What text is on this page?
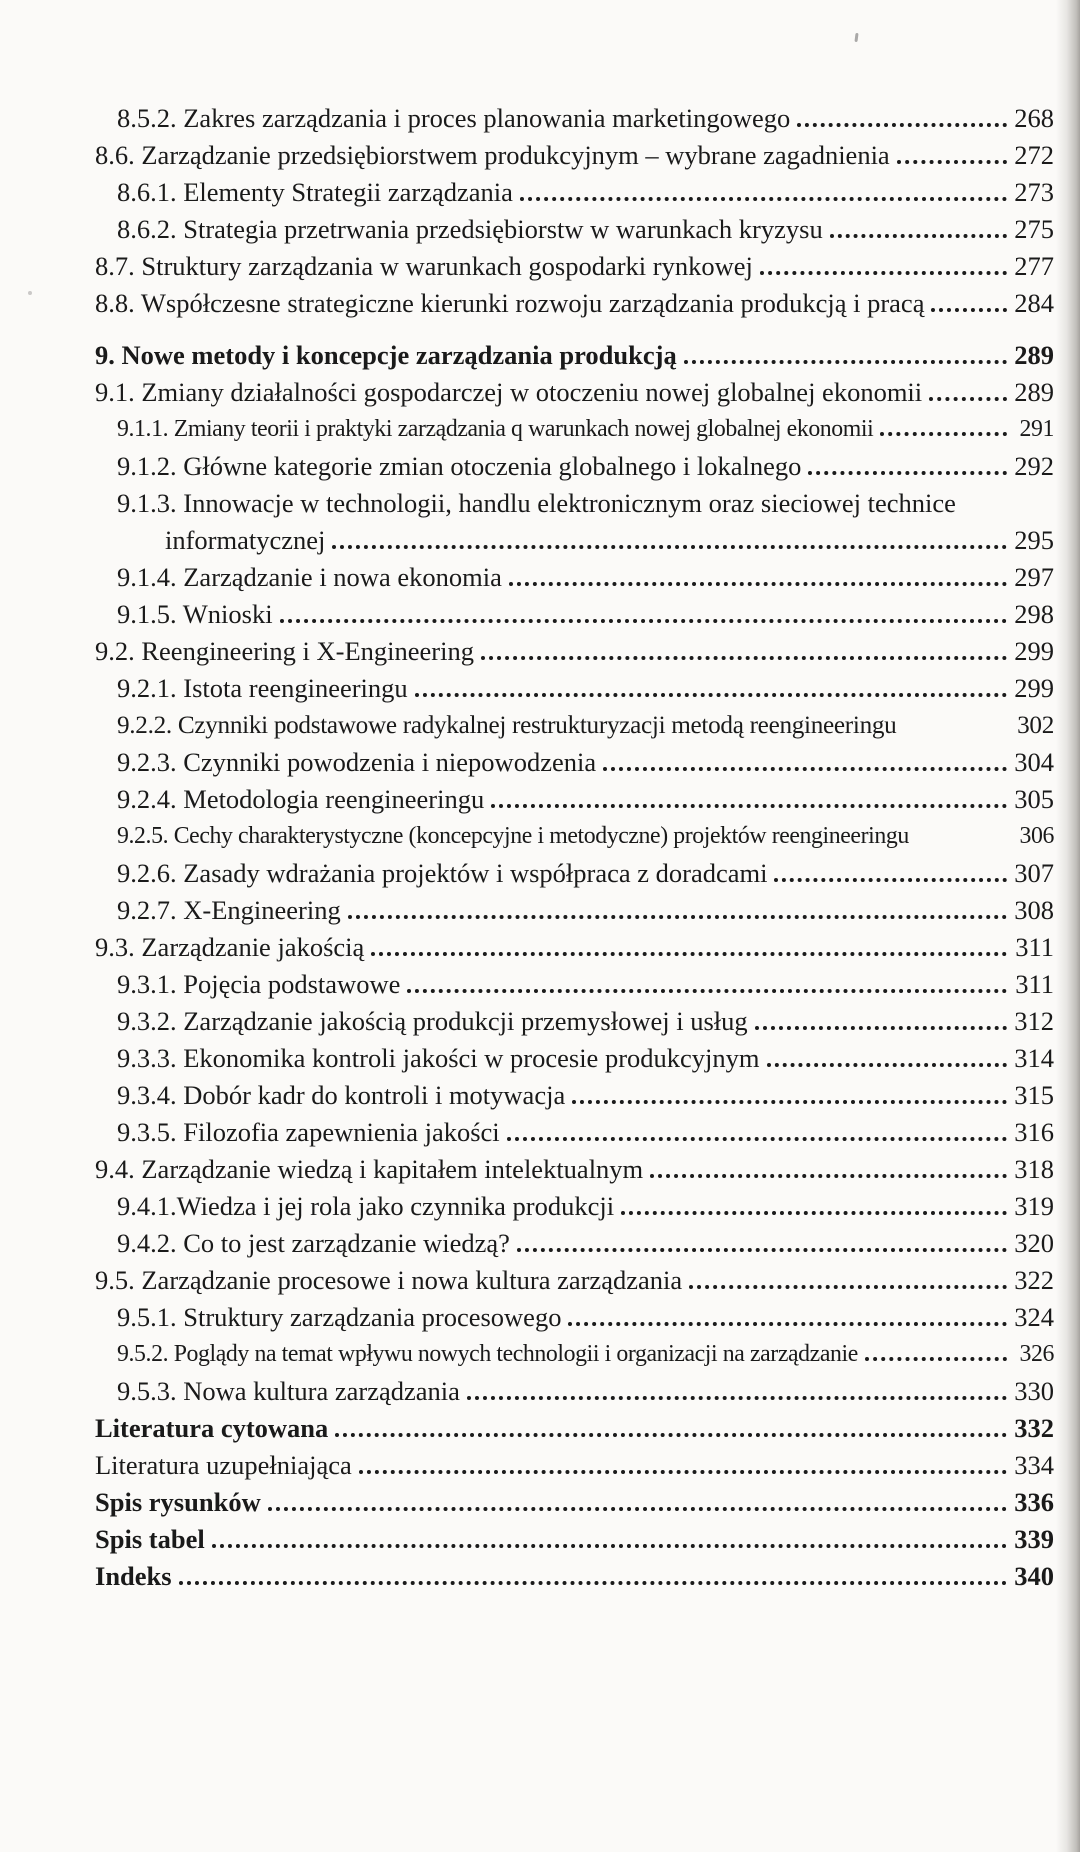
8.5.2. Zakres zarządzania i proces planowania marketingowego	268
8.6. Zarządzanie przedsiębiorstwem produkcyjnym – wybrane zagadnienia	272
8.6.1. Elementy Strategii zarządzania	273
8.6.2. Strategia przetrwania przedsiębiorstw w warunkach kryzysu	275
8.7. Struktury zarządzania w warunkach gospodarki rynkowej	277
8.8. Współczesne strategiczne kierunki rozwoju zarządzania produkcją i pracą	284
9. Nowe metody i koncepcje zarządzania produkcją	289
9.1. Zmiany działalności gospodarczej w otoczeniu nowej globalnej ekonomii	289
9.1.1. Zmiany teorii i praktyki zarządzania q warunkach nowej globalnej ekonomii	291
9.1.2. Główne kategorie zmian otoczenia globalnego i lokalnego	292
9.1.3. Innowacje w technologii, handlu elektronicznym oraz sieciowej technice
informatycznej	295
9.1.4. Zarządzanie i nowa ekonomia	297
9.1.5. Wnioski	298
9.2. Reengineering i X-Engineering	299
9.2.1. Istota reengineeringu	299
9.2.2. Czynniki podstawowe radykalnej restrukturyzacji metodą reengineeringu	302
9.2.3. Czynniki powodzenia i niepowodzenia	304
9.2.4. Metodologia reengineeringu	305
9.2.5. Cechy charakterystyczne (koncepcyjne i metodyczne) projektów reengineeringu	306
9.2.6. Zasady wdrażania projektów i współpraca z doradcami	307
9.2.7. X-Engineering	308
9.3. Zarządzanie jakością	311
9.3.1. Pojęcia podstawowe	311
9.3.2. Zarządzanie jakością produkcji przemysłowej i usług	312
9.3.3. Ekonomika kontroli jakości w procesie produkcyjnym	314
9.3.4. Dobór kadr do kontroli i motywacja	315
9.3.5. Filozofia zapewnienia jakości	316
9.4. Zarządzanie wiedzą i kapitałem intelektualnym	318
9.4.1.Wiedza i jej rola jako czynnika produkcji	319
9.4.2. Co to jest zarządzanie wiedzą?	320
9.5. Zarządzanie procesowe i nowa kultura zarządzania	322
9.5.1. Struktury zarządzania procesowego	324
9.5.2. Poglądy na temat wpływu nowych technologii i organizacji na zarządzanie	326
9.5.3. Nowa kultura zarządzania	330
Literatura cytowana	332
Literatura uzupełniająca	334
Spis rysunków	336
Spis tabel	339
Indeks	340
